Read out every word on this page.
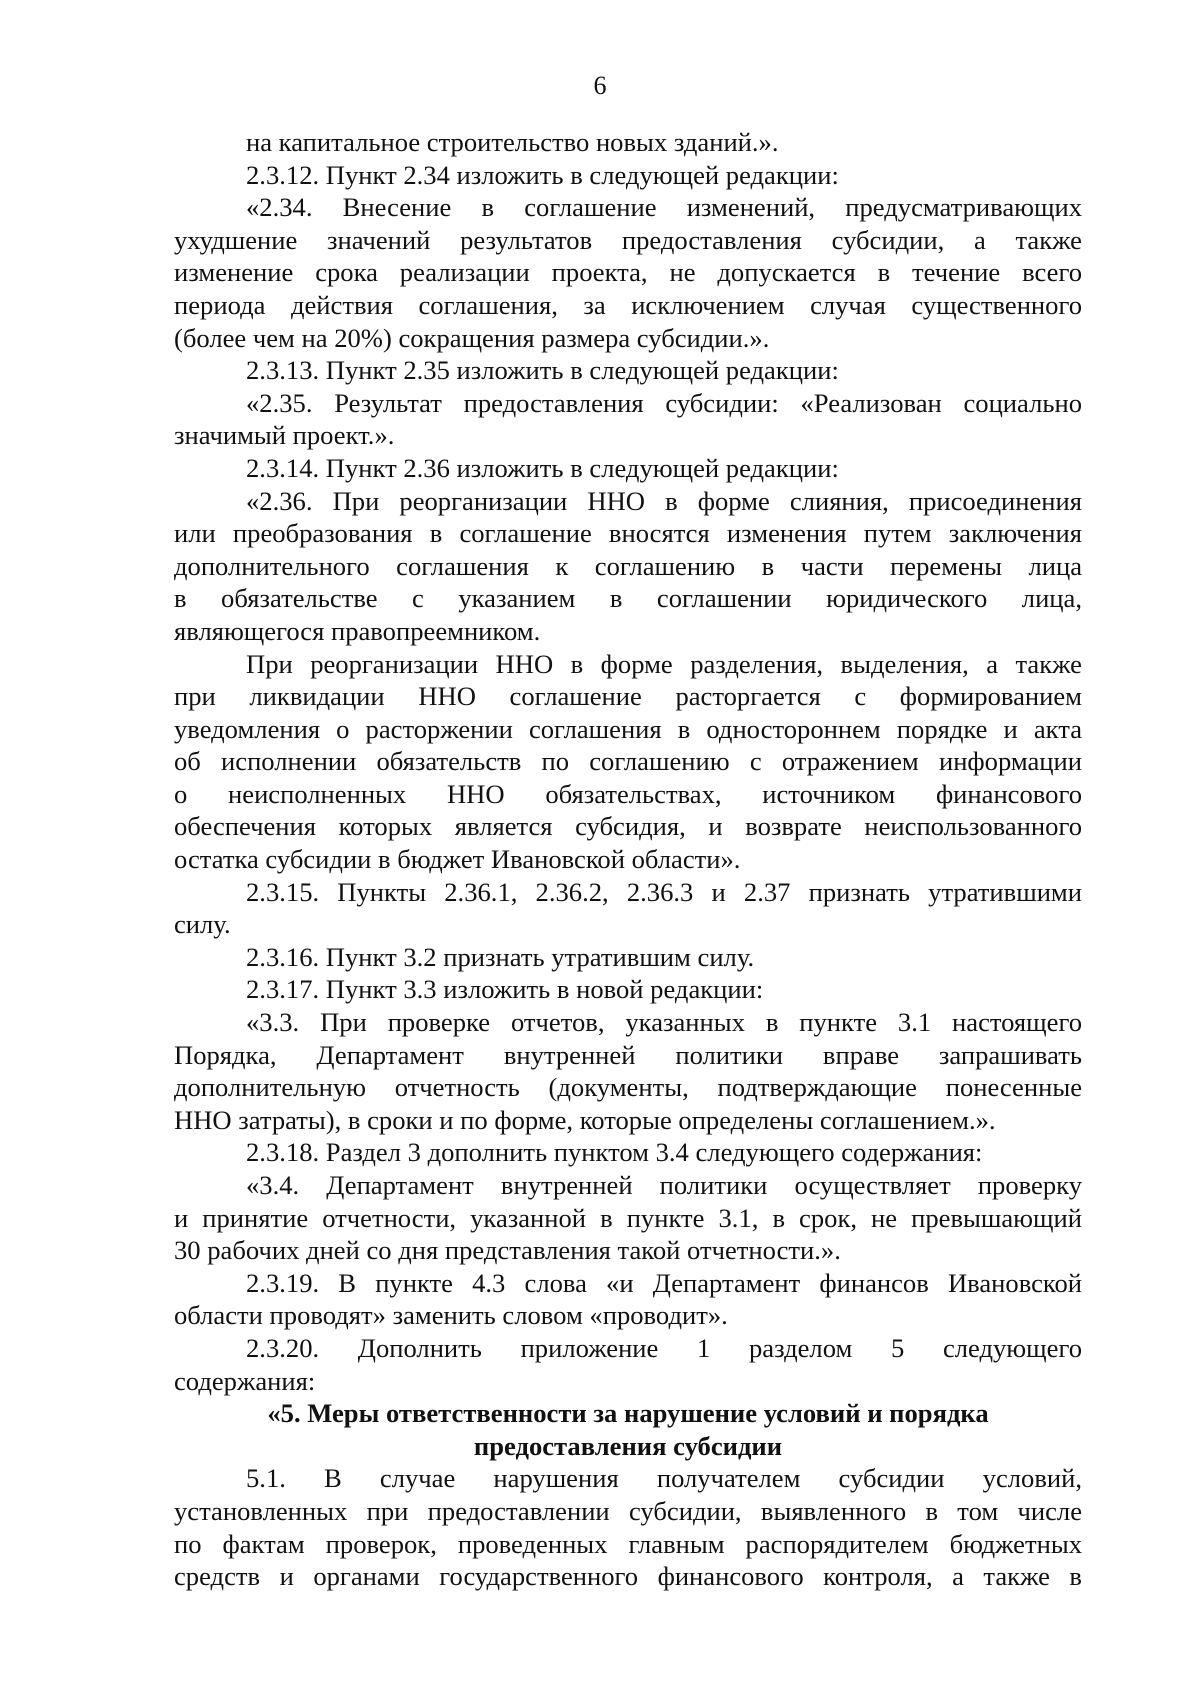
6
на капитальное строительство новых зданий.».
2.3.12. Пункт 2.34 изложить в следующей редакции:
«2.34. Внесение в соглашение изменений, предусматривающих
ухудшение значений результатов предоставления субсидии, а также
изменение срока реализации проекта, не допускается в течение всего
периода действия соглашения, за исключением случая существенного
(более чем на 20%) сокращения размера субсидии.».
2.3.13. Пункт 2.35 изложить в следующей редакции:
«2.35. Результат предоставления субсидии: «Реализован социально
значимый проект.».
2.3.14. Пункт 2.36 изложить в следующей редакции:
«2.36. При реорганизации ННО в форме слияния, присоединения
или преобразования в соглашение вносятся изменения путем заключения
дополнительного соглашения к соглашению в части перемены лица
в обязательстве с указанием в соглашении юридического лица,
являющегося правопреемником.
При реорганизации ННО в форме разделения, выделения, а также
при ликвидации ННО соглашение расторгается с формированием
уведомления о расторжении соглашения в одностороннем порядке и акта
об исполнении обязательств по соглашению с отражением информации
о неисполненных ННО обязательствах, источником финансового
обеспечения которых является субсидия, и возврате неиспользованного
остатка субсидии в бюджет Ивановской области».
2.3.15. Пункты 2.36.1, 2.36.2, 2.36.3 и 2.37 признать утратившими
силу.
2.3.16. Пункт 3.2 признать утратившим силу.
2.3.17. Пункт 3.3 изложить в новой редакции:
«3.3. При проверке отчетов, указанных в пункте 3.1 настоящего
Порядка, Департамент внутренней политики вправе запрашивать
дополнительную отчетность (документы, подтверждающие понесенные
ННО затраты), в сроки и по форме, которые определены соглашением.».
2.3.18. Раздел 3 дополнить пунктом 3.4 следующего содержания:
«3.4. Департамент внутренней политики осуществляет проверку
и принятие отчетности, указанной в пункте 3.1, в срок, не превышающий
30 рабочих дней со дня представления такой отчетности.».
2.3.19. В пункте 4.3 слова «и Департамент финансов Ивановской
области проводят» заменить словом «проводит».
2.3.20. Дополнить приложение 1 разделом 5 следующего
содержания:
«5. Меры ответственности за нарушение условий и порядка
предоставления субсидии
5.1. В случае нарушения получателем субсидии условий,
установленных при предоставлении субсидии, выявленного в том числе
по фактам проверок, проведенных главным распорядителем бюджетных
средств и органами государственного финансового контроля, а также в
